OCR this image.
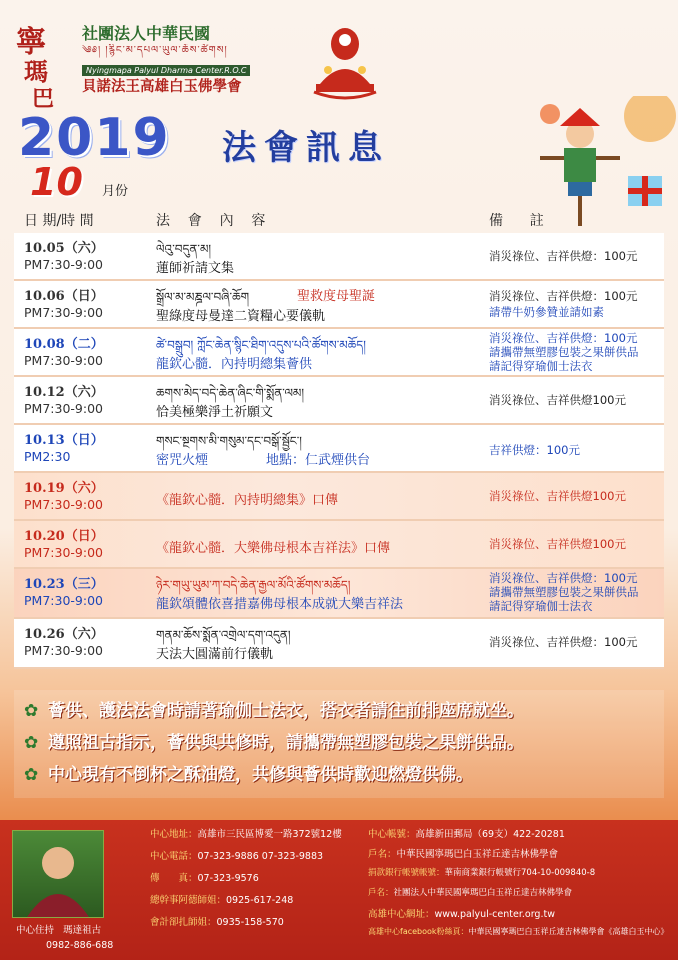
寧
瑪
巴
社團法人中華民國
༄༅། །རྙིང་མ་དཔལ་ཡུལ་ཆོས་ཚོགས།
Nyingmapa Palyul Dharma Center.R.O.C
貝諾法王高雄白玉佛學會
2019 法會訊息
10 月份
日 期/時 間	法    會    內    容	備      註
10.05（六）
PM7:30-9:00
ལེའུ་བདུན་མ།
蓮師祈請文集
消災祿位、吉祥供燈：100元
10.06（日）
PM7:30-9:00
སྒྲོལ་མ་མཎྜལ་བཞི་ཆོག	聖救度母聖誕
聖綠度母曼達二資糧心要儀軌
消災祿位、吉祥供燈：100元
請帶牛奶參贊並請如素
10.08（二）
PM7:30-9:00
ཚེ་བསྒྲུབ། ཀློང་ཆེན་སྙིང་ཐིག་འདུས་པའི་ཚོགས་མཆོད།
龍欽心髓．內持明總集薈供
消災祿位、吉祥供燈：100元
請攜帶無塑膠包裝之果餅供品
請記得穿瑜伽士法衣
10.12（六）
PM7:30-9:00
ཆགས་མེད་བདེ་ཆེན་ཞིང་གི་སྨོན་ལམ།
恰美極樂淨土祈願文
消災祿位、吉祥供燈100元
10.13（日）
PM2:30
གསང་སྔགས་མི་གསུམ་དང་བསྒོ་སྦྱོང་།
密咒火煙	地點：仁武煙供台
吉祥供燈：100元
10.19（六）
PM7:30-9:00	《龍欽心髓．內持明總集》口傳	消災祿位、吉祥供燈100元
10.20（日）
PM7:30-9:00	《龍欽心髓．大樂佛母根本吉祥法》口傳	消災祿位、吉祥供燈100元
10.23（三）
PM7:30-9:00
ཉེར་གཡུ་ཡུམ་ཀ་བདེ་ཆེན་རྒྱལ་མོའི་ཚོགས་མཆོད།
龍欽頌體依喜措嘉佛母根本成就大樂吉祥法
消災祿位、吉祥供燈：100元
請攜帶無塑膠包裝之果餅供品
請記得穿瑜伽士法衣
10.26（六）
PM7:30-9:00
གནམ་ཆོས་སྨོན་འགྲེལ་དག་འདུན།
天法大圓滿前行儀軌
消災祿位、吉祥供燈：100元
✿ 薈供、護法法會時請著瑜伽士法衣，搭衣者請往前排座席就坐。
✿ 遵照祖古指示，薈供與共修時，請攜帶無塑膠包裝之果餅供品。
✿ 中心現有不倒杯之酥油燈，共修與薈供時歡迎燃燈供佛。
中心住持 瑪達祖古
0982-886-688
中心地址：高雄市三民區博愛一路372號12樓
中心電話：07-323-9886 07-323-9883
傳　　真：07-323-9576
總幹事阿德師姐：0925-617-248
會計卻扎師姐：0935-158-570
中心帳號：高雄新田郵局（69支）422-20281
戶名：中華民國寧瑪巴白玉祥丘達吉林佛學會
捐款銀行帳號帳號：華南商業銀行帳號行704-10-009840-8
戶名：社團法人中華民國寧瑪巴白玉祥丘達吉林佛學會
高雄中心網址：www.palyul-center.org.tw
高雄中心facebook粉絲頁：中華民國寧瑪巴白玉祥丘達吉林佛學會《高雄白玉中心》
